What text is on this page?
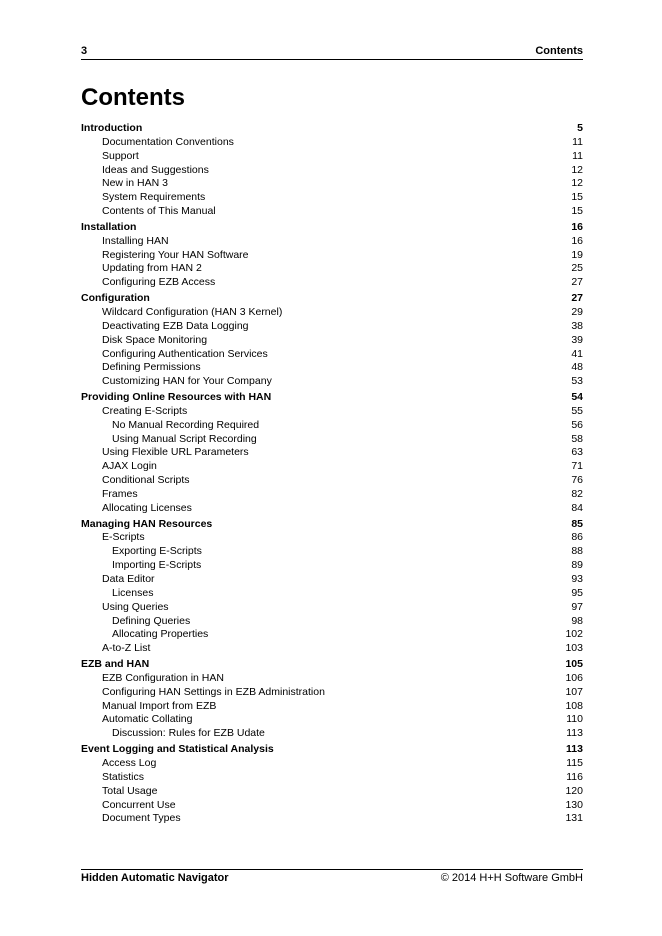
3	Contents
Contents
Introduction	5
Documentation Conventions	11
Support	11
Ideas and Suggestions	12
New in HAN 3	12
System Requirements	15
Contents of This Manual	15
Installation	16
Installing HAN	16
Registering Your HAN Software	19
Updating from HAN 2	25
Configuring EZB Access	27
Configuration	27
Wildcard Configuration (HAN 3 Kernel)	29
Deactivating EZB Data Logging	38
Disk Space Monitoring	39
Configuring Authentication Services	41
Defining Permissions	48
Customizing HAN for Your Company	53
Providing Online Resources with HAN	54
Creating E-Scripts	55
No Manual Recording Required	56
Using Manual Script Recording	58
Using Flexible URL Parameters	63
AJAX Login	71
Conditional Scripts	76
Frames	82
Allocating Licenses	84
Managing HAN Resources	85
E-Scripts	86
Exporting E-Scripts	88
Importing E-Scripts	89
Data Editor	93
Licenses	95
Using Queries	97
Defining Queries	98
Allocating Properties	102
A-to-Z List	103
EZB and HAN	105
EZB Configuration in HAN	106
Configuring HAN Settings in EZB Administration	107
Manual Import from EZB	108
Automatic Collating	110
Discussion: Rules for EZB Udate	113
Event Logging and Statistical Analysis	113
Access Log	115
Statistics	116
Total Usage	120
Concurrent Use	130
Document Types	131
Hidden Automatic Navigator	© 2014 H+H Software GmbH
